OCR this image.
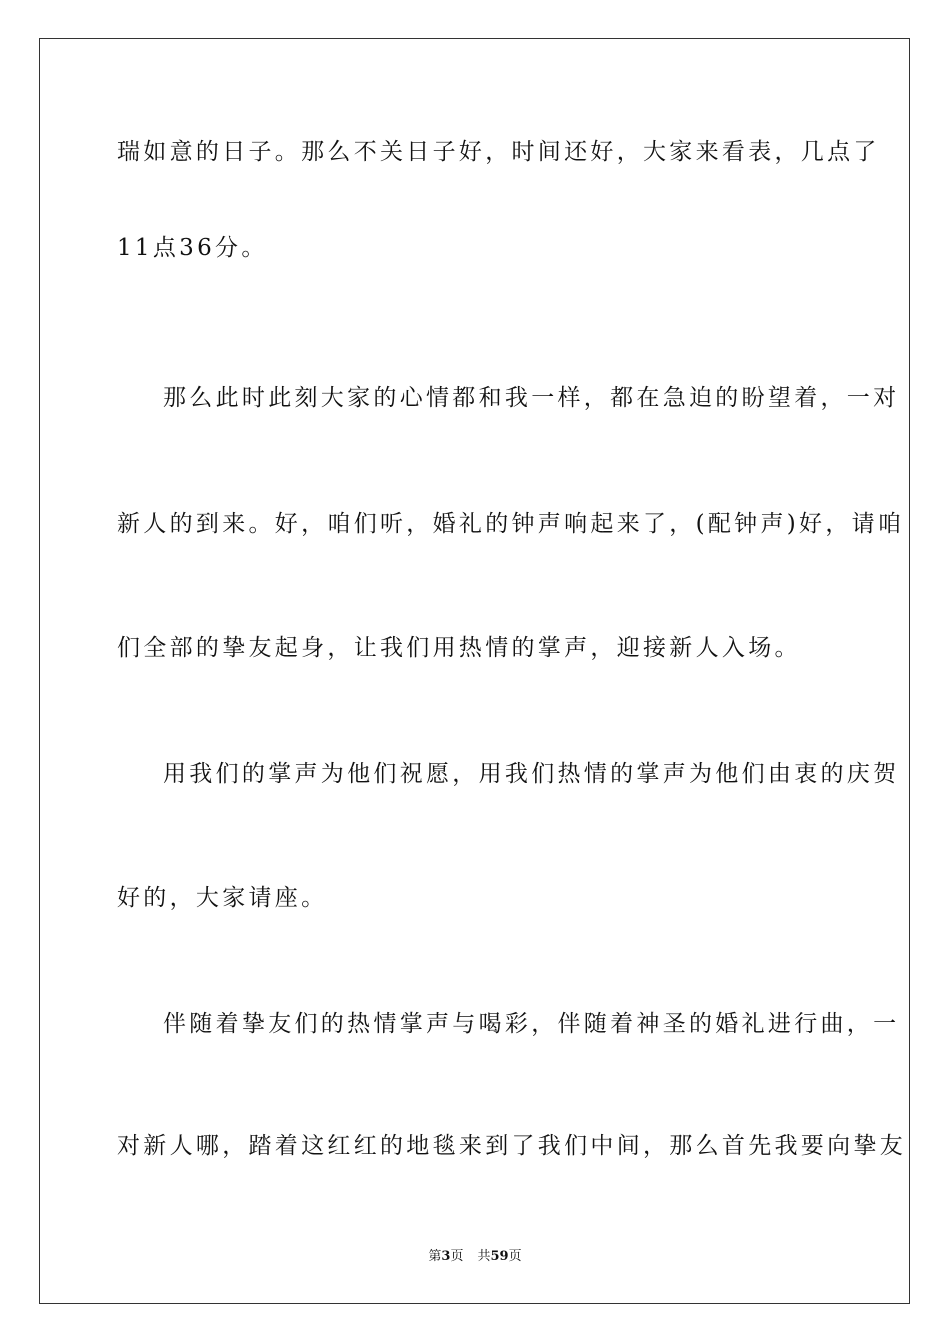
瑞如意的日子。那么不关日子好，时间还好，大家来看表，几点了
11点36分。
那么此时此刻大家的心情都和我一样，都在急迫的盼望着，一对
新人的到来。好，咱们听，婚礼的钟声响起来了，(配钟声)好，请咱
们全部的挚友起身，让我们用热情的掌声，迎接新人入场。
用我们的掌声为他们祝愿，用我们热情的掌声为他们由衷的庆贺
好的，大家请座。
伴随着挚友们的热情掌声与喝彩，伴随着神圣的婚礼进行曲，一
对新人哪，踏着这红红的地毯来到了我们中间，那么首先我要向挚友
第3页 共59页
